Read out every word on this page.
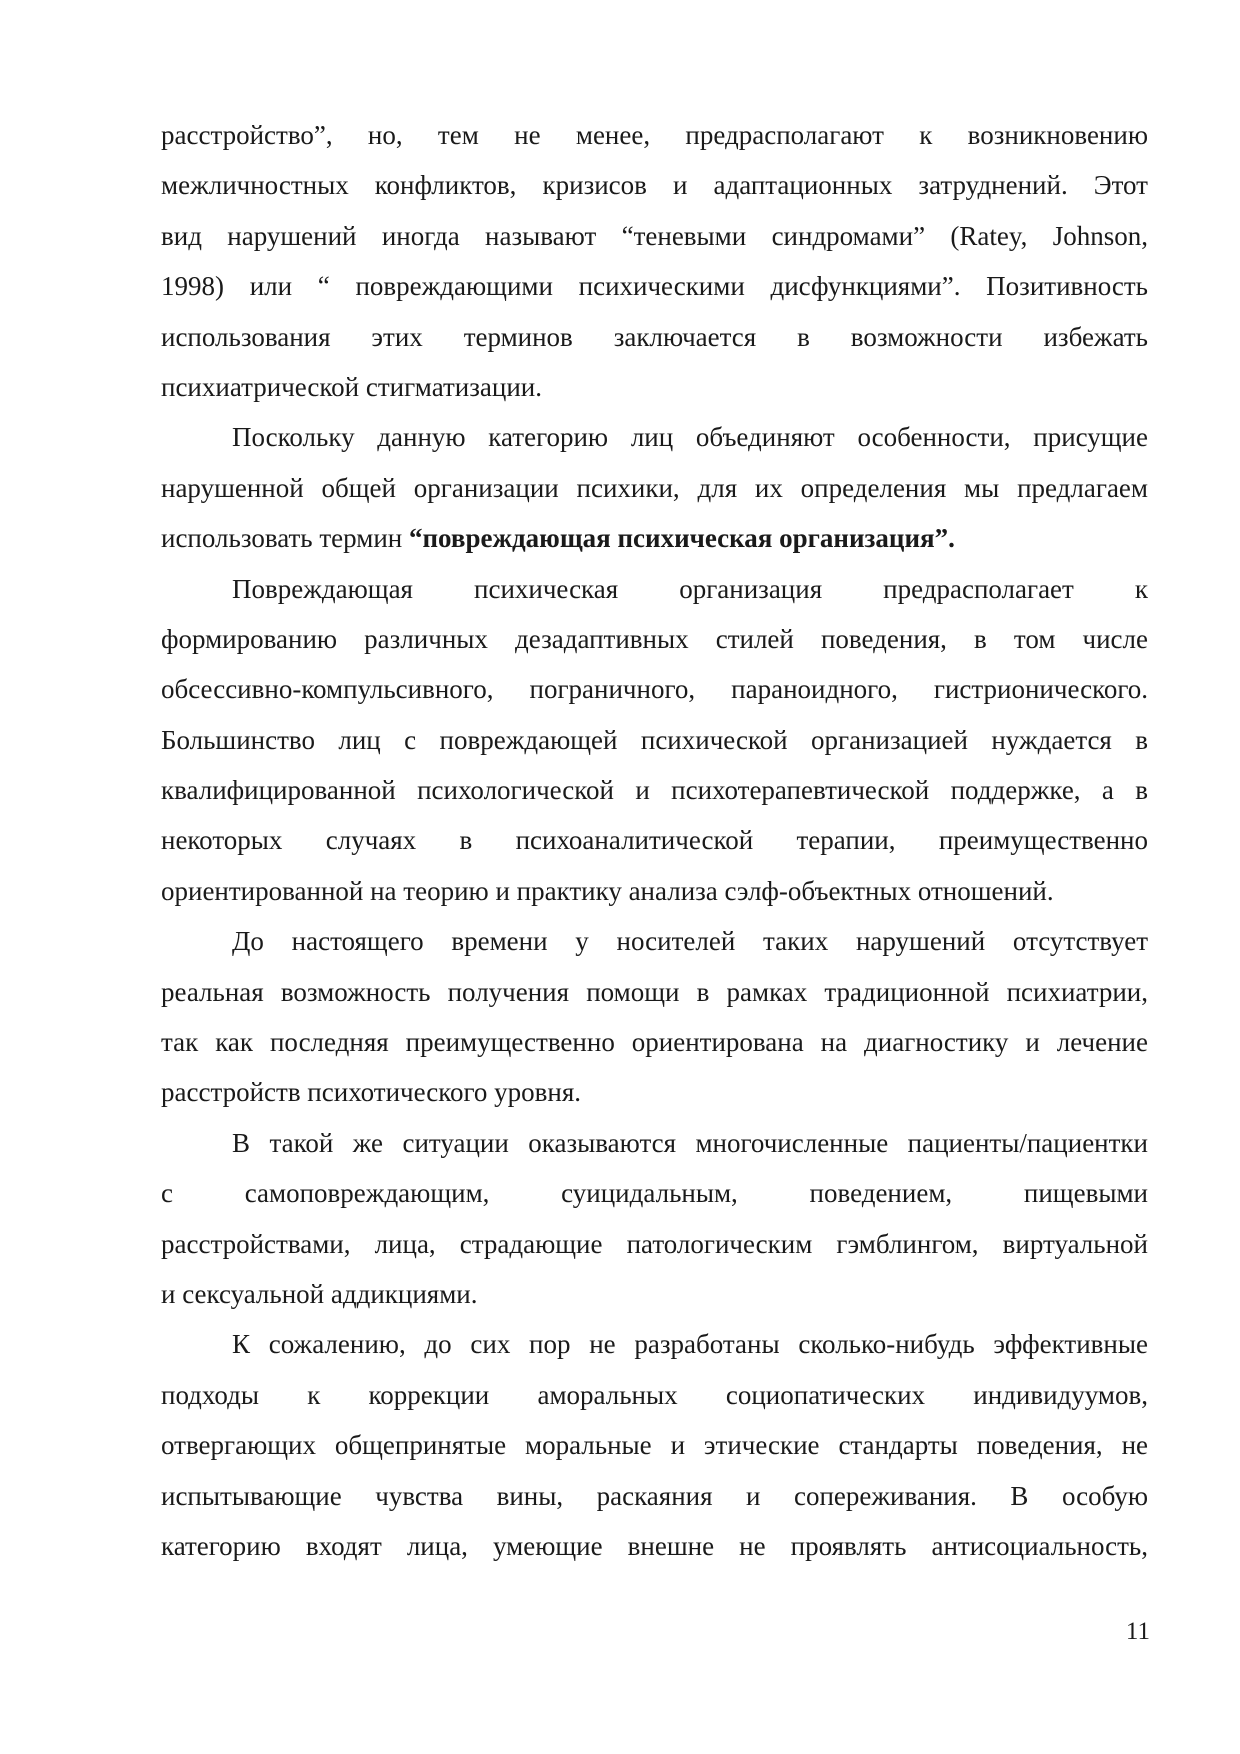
расстройство”, но, тем не менее, предрасполагают к возникновению
межличностных конфликтов, кризисов и адаптационных затруднений. Этот
вид нарушений иногда называют “теневыми синдромами” (Ratey, Johnson,
1998) или “ повреждающими психическими дисфункциями”. Позитивность
использования этих терминов заключается в возможности избежать
психиатрической стигматизации.
Поскольку данную категорию лиц объединяют особенности, присущие
нарушенной общей организации психики, для их определения мы предлагаем
использовать термин “повреждающая психическая организация”.
Повреждающая психическая организация предрасполагает к
формированию различных дезадаптивных стилей поведения, в том числе
обсессивно-компульсивного, пограничного, параноидного, гистрионического.
Большинство лиц с повреждающей психической организацией нуждается в
квалифицированной психологической и психотерапевтической поддержке, а в
некоторых случаях в психоаналитической терапии, преимущественно
ориентированной на теорию и практику анализа сэлф-объектных отношений.
До настоящего времени у носителей таких нарушений отсутствует
реальная возможность получения помощи в рамках традиционной психиатрии,
так как последняя преимущественно ориентирована на диагностику и лечение
расстройств психотического уровня.
В такой же ситуации оказываются многочисленные пациенты/пациентки
с самоповреждающим, суицидальным, поведением, пищевыми
расстройствами, лица, страдающие патологическим гэмблингом, виртуальной
и сексуальной аддикциями.
К сожалению, до сих пор не разработаны сколько-нибудь эффективные
подходы к коррекции аморальных социопатических индивидуумов,
отвергающих общепринятые моральные и этические стандарты поведения, не
испытывающие чувства вины, раскаяния и сопереживания. В особую
категорию входят лица, умеющие внешне не проявлять антисоциальность,
11
